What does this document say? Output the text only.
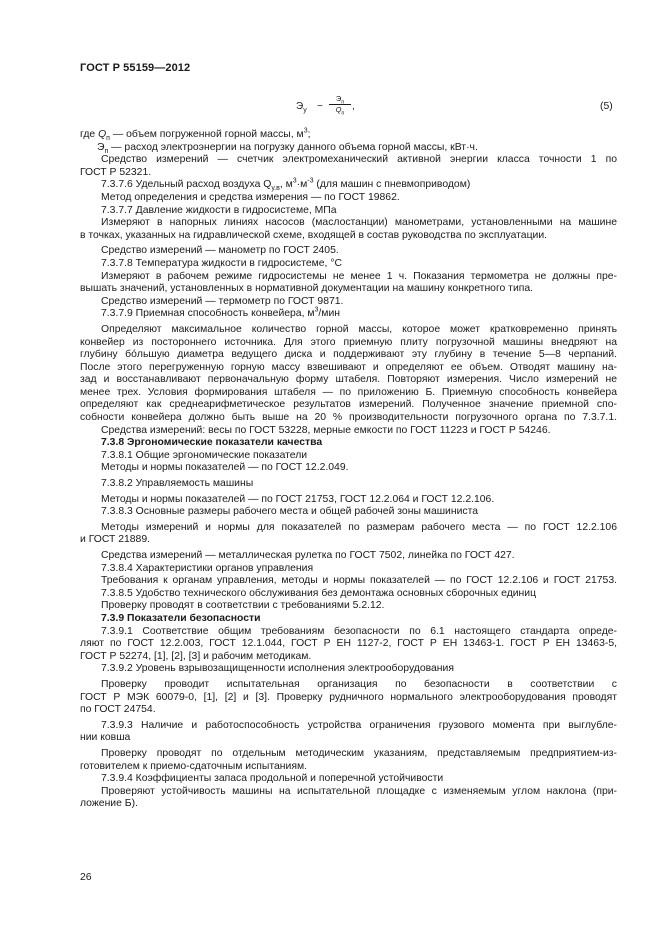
ГОСТ Р 55159—2012
$Э_у$ −
$Э_п$
$Q_п$
,	(5)
где $Q_п$ — объем погруженной горной массы, $м^3$;
$Э_п$ — расход электроэнергии на погрузку данного объема горной массы, кВт·ч.
Средство измерений — счетчик электромеханический активной энергии класса точности 1 по
ГОСТ Р 52321.
7.3.7.6 Удельный расход воздуха $Q_{у.в}$, $м^3\cdot м^{-3}$ (для машин с пневмоприводом)
Метод определения и средства измерения — по ГОСТ 19862.
7.3.7.7 Давление жидкости в гидросистеме, МПа
Измеряют в напорных линиях насосов (маслостанции) манометрами, установленными на машине
в точках, указанных на гидравлической схеме, входящей в состав руководства по эксплуатации.
Средство измерений — манометр по ГОСТ 2405.
7.3.7.8 Температура жидкости в гидросистеме, °С
Измеряют в рабочем режиме гидросистемы не менее 1 ч. Показания термометра не должны пре-
вышать значений, установленных в нормативной документации на машину конкретного типа.
Средство измерений — термометр по ГОСТ 9871.
7.3.7.9 Приемная способность конвейера, $м^3$/мин
Определяют максимальное количество горной массы, которое может кратковременно принять
конвейер из постороннего источника. Для этого приемную плиту погрузочной машины внедряют на
глубину бóльшую диаметра ведущего диска и поддерживают эту глубину в течение 5—8 черпаний.
После этого перегруженную горную массу взвешивают и определяют ее объем. Отводят машину на-
зад и восстанавливают первоначальную форму штабеля. Повторяют измерения. Число измерений не
менее трех. Условия формирования штабеля — по приложению Б. Приемную способность конвейера
определяют как среднеарифметическое результатов измерений. Полученное значение приемной спо-
собности конвейера должно быть выше на 20 % производительности погрузочного органа по 7.3.7.1.
Средства измерений: весы по ГОСТ 53228, мерные емкости по ГОСТ 11223 и ГОСТ Р 54246.
7.3.8 Эргономические показатели качества
7.3.8.1 Общие эргономические показатели
Методы и нормы показателей — по ГОСТ 12.2.049.
7.3.8.2 Управляемость машины
Методы и нормы показателей — по ГОСТ 21753, ГОСТ 12.2.064 и ГОСТ 12.2.106.
7.3.8.3 Основные размеры рабочего места и общей рабочей зоны машиниста
Методы измерений и нормы для показателей по размерам рабочего места — по ГОСТ 12.2.106
и ГОСТ 21889.
Средства измерений — металлическая рулетка по ГОСТ 7502, линейка по ГОСТ 427.
7.3.8.4 Характеристики органов управления
Требования к органам управления, методы и нормы показателей — по ГОСТ 12.2.106 и ГОСТ 21753.
7.3.8.5 Удобство технического обслуживания без демонтажа основных сборочных единиц
Проверку проводят в соответствии с требованиями 5.2.12.
7.3.9 Показатели безопасности
7.3.9.1 Соответствие общим требованиям безопасности по 6.1 настоящего стандарта опреде-
ляют по ГОСТ 12.2.003, ГОСТ 12.1.044, ГОСТ Р ЕН 1127-2, ГОСТ Р ЕН 13463-1. ГОСТ Р ЕН 13463-5,
ГОСТ Р 52274, [1], [2], [3] и рабочим методикам.
7.3.9.2 Уровень взрывозащищенности исполнения электрооборудования
Проверку проводит испытательная организация по безопасности в соответствии с
ГОСТ Р МЭК 60079-0, [1], [2] и [3]. Проверку рудничного нормального электрооборудования проводят
по ГОСТ 24754.
7.3.9.3 Наличие и работоспособность устройства ограничения грузового момента при выглубле-
нии ковша
Проверку проводят по отдельным методическим указаниям, представляемым предприятием-из-
готовителем к приемо-сдаточным испытаниям.
7.3.9.4 Коэффициенты запаса продольной и поперечной устойчивости
Проверяют устойчивость машины на испытательной площадке с изменяемым углом наклона (при-
ложение Б).
26
